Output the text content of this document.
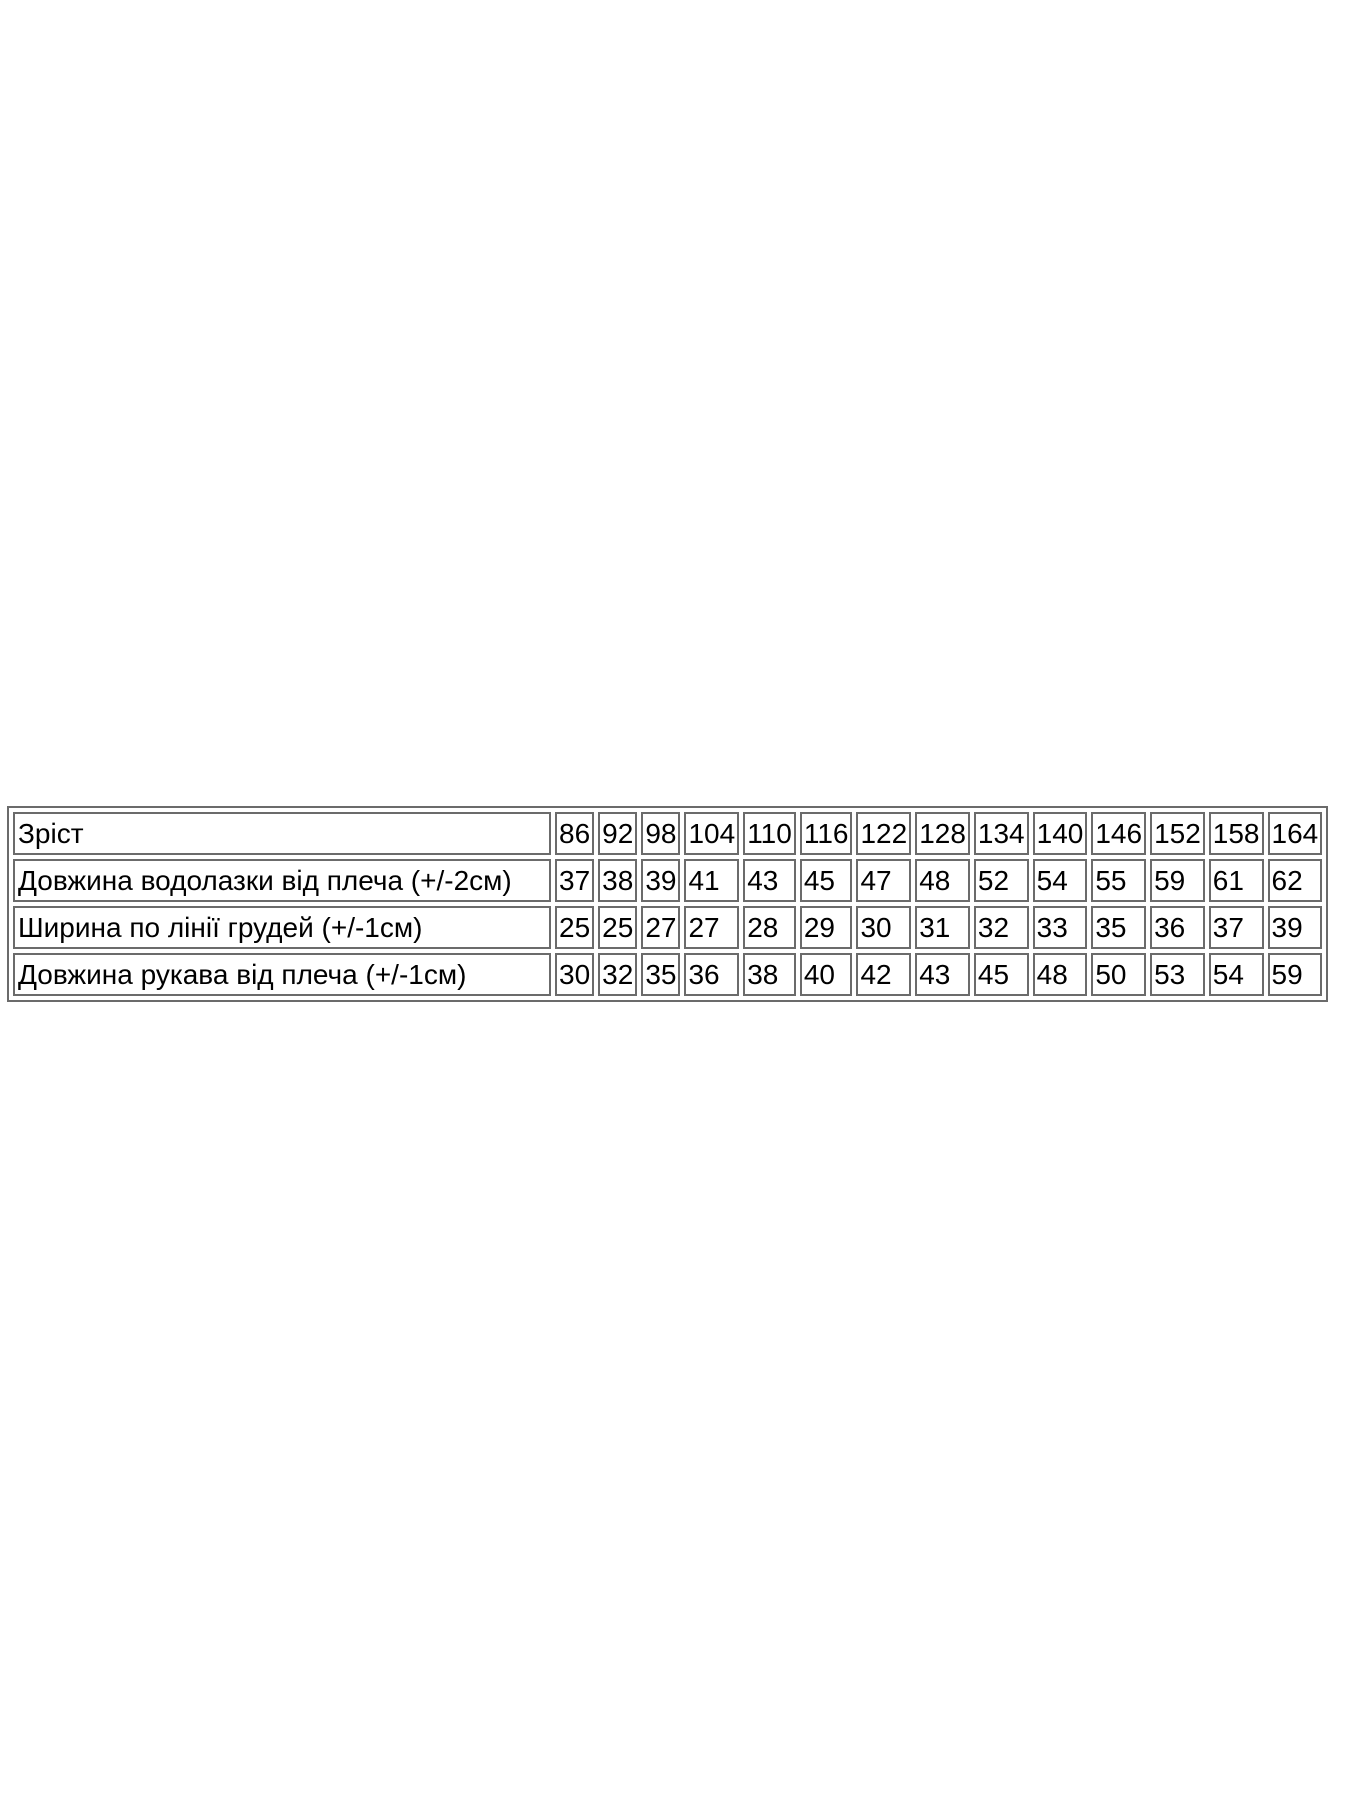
Зріст	86	92	98	104	110	116	122	128	134	140	146	152	158	164
Довжина водолазки від плеча (+/-2см)	37	38	39	41	43	45	47	48	52	54	55	59	61	62
Ширина по лінії грудей (+/-1см)	25	25	27	27	28	29	30	31	32	33	35	36	37	39
Довжина рукава від плеча (+/-1см)	30	32	35	36	38	40	42	43	45	48	50	53	54	59
